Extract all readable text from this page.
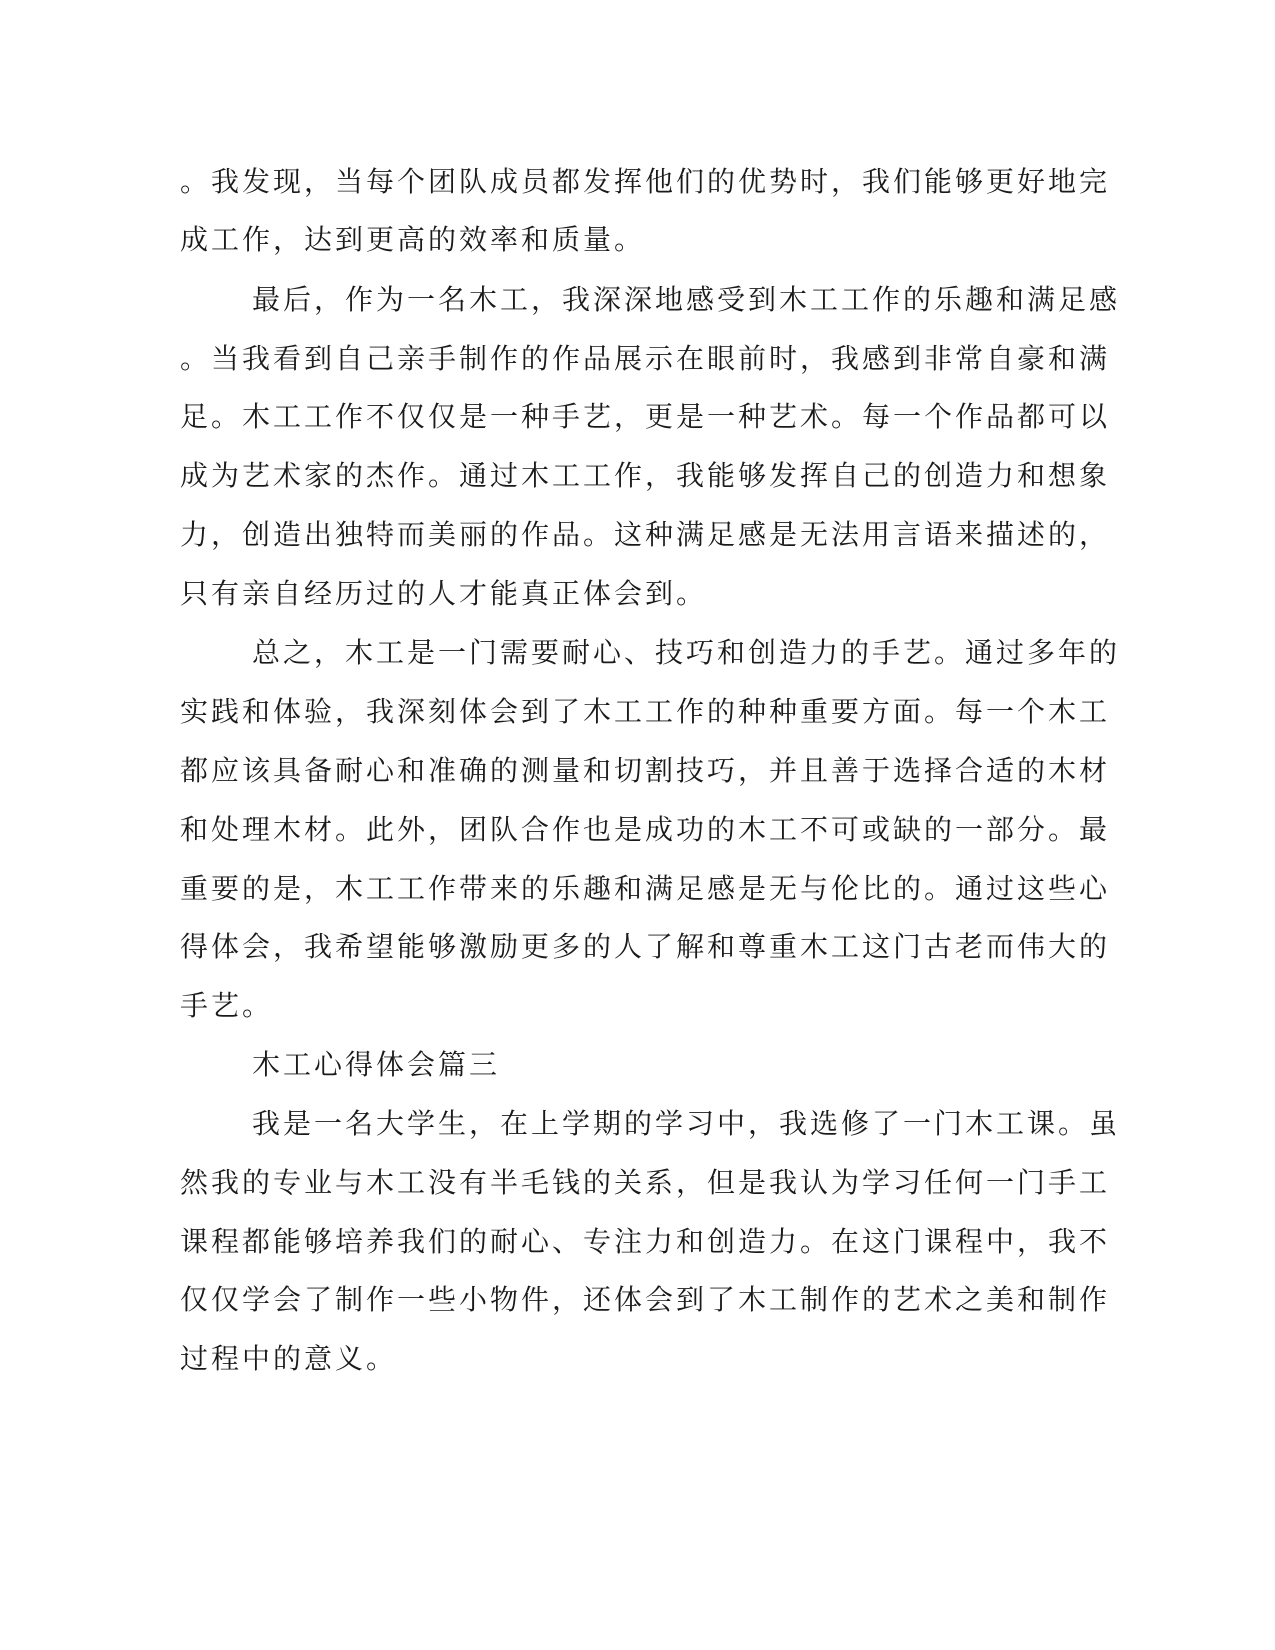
。我发现，当每个团队成员都发挥他们的优势时，我们能够更好地完
成工作，达到更高的效率和质量。
最后，作为一名木工，我深深地感受到木工工作的乐趣和满足感
。当我看到自己亲手制作的作品展示在眼前时，我感到非常自豪和满
足。木工工作不仅仅是一种手艺，更是一种艺术。每一个作品都可以
成为艺术家的杰作。通过木工工作，我能够发挥自己的创造力和想象
力，创造出独特而美丽的作品。这种满足感是无法用言语来描述的，
只有亲自经历过的人才能真正体会到。
总之，木工是一门需要耐心、技巧和创造力的手艺。通过多年的
实践和体验，我深刻体会到了木工工作的种种重要方面。每一个木工
都应该具备耐心和准确的测量和切割技巧，并且善于选择合适的木材
和处理木材。此外，团队合作也是成功的木工不可或缺的一部分。最
重要的是，木工工作带来的乐趣和满足感是无与伦比的。通过这些心
得体会，我希望能够激励更多的人了解和尊重木工这门古老而伟大的
手艺。
木工心得体会篇三
我是一名大学生，在上学期的学习中，我选修了一门木工课。虽
然我的专业与木工没有半毛钱的关系，但是我认为学习任何一门手工
课程都能够培养我们的耐心、专注力和创造力。在这门课程中，我不
仅仅学会了制作一些小物件，还体会到了木工制作的艺术之美和制作
过程中的意义。
